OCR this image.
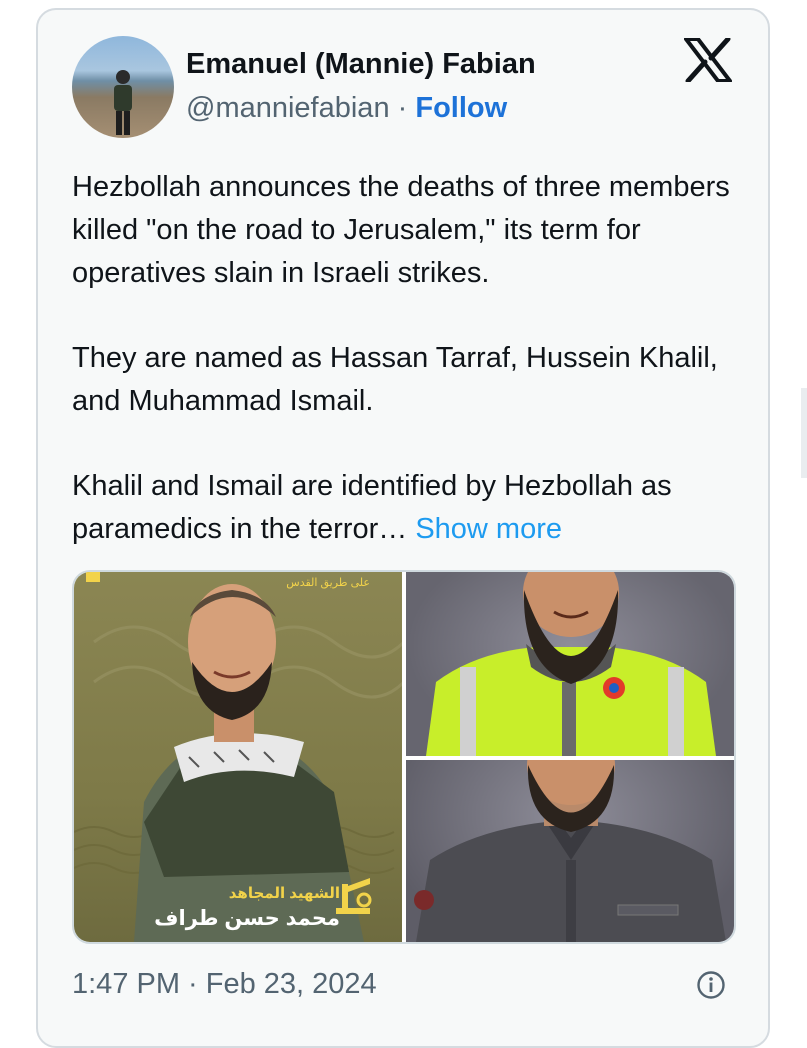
Emanuel (Mannie) Fabian
@manniefabian · Follow

Hezbollah announces the deaths of three members killed "on the road to Jerusalem," its term for operatives slain in Israeli strikes.

They are named as Hassan Tarraf, Hussein Khalil, and Muhammad Ismail.

Khalil and Ismail are identified by Hezbollah as paramedics in the terror… Show more

على طريق القدس
الشهيد المجاهد
محمد حسن طراف
1:47 PM · Feb 23, 2024
